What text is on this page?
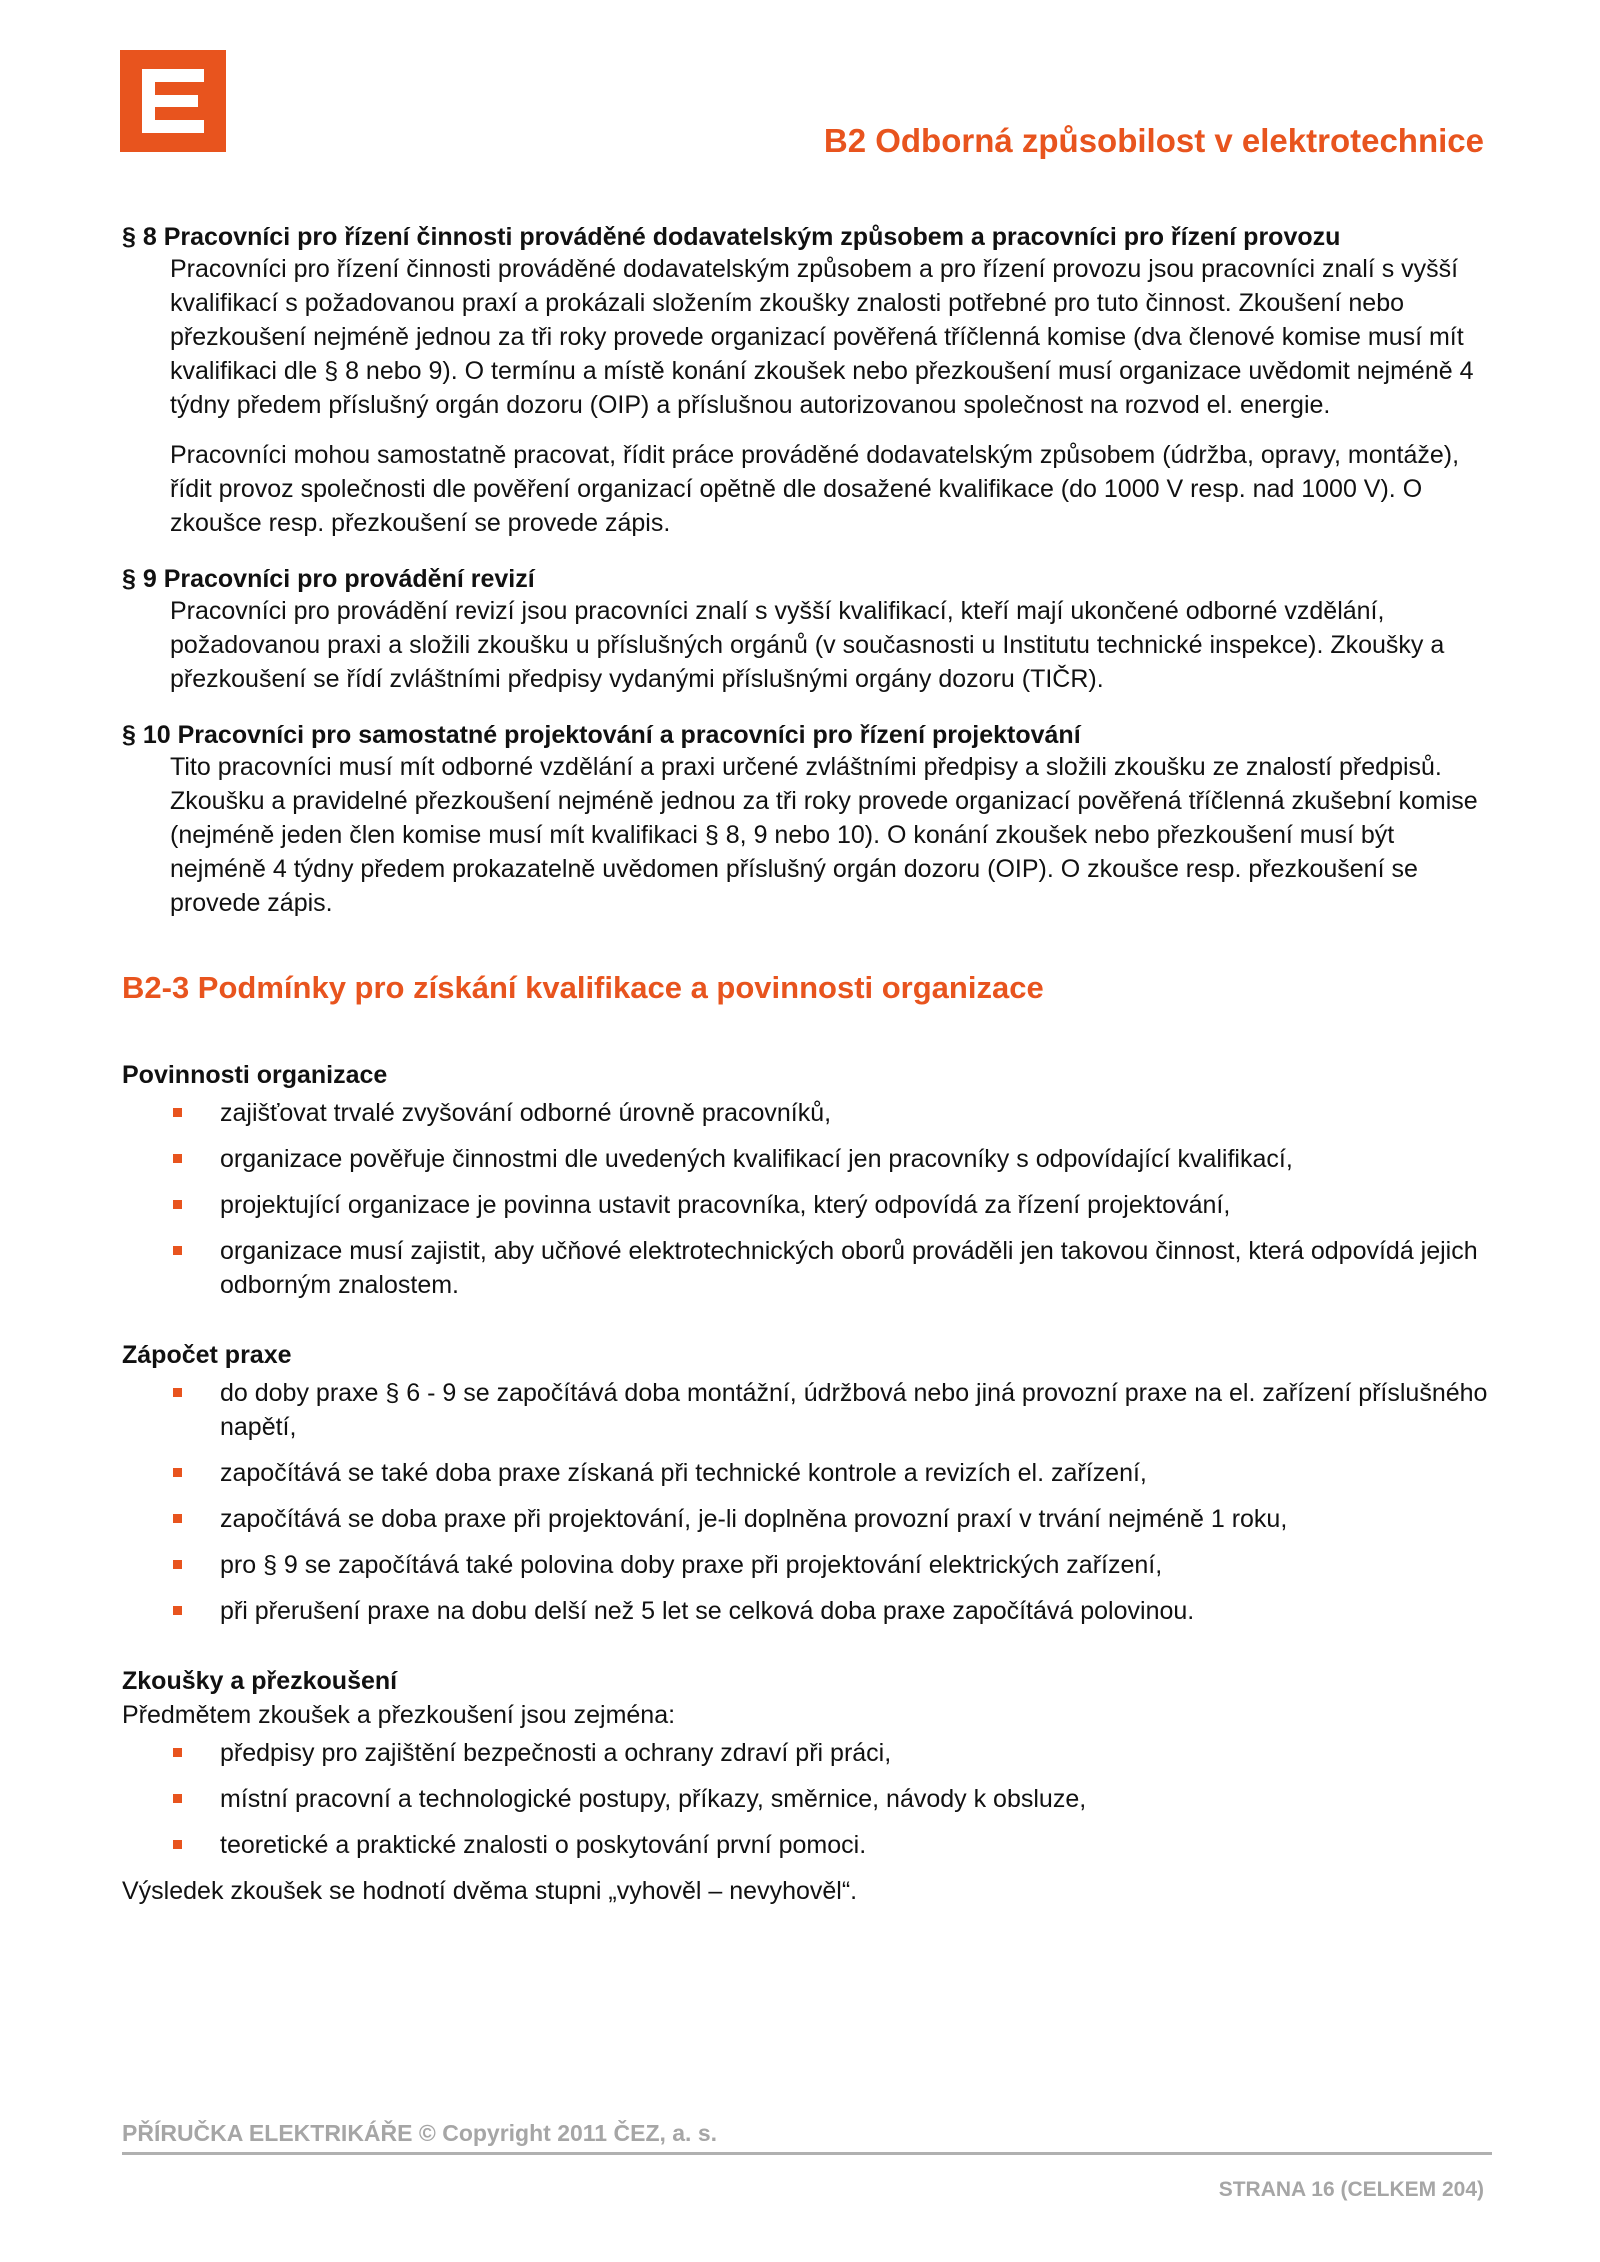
B2 Odborná způsobilost v elektrotechnice
§ 8 Pracovníci pro řízení činnosti prováděné dodavatelským způsobem a pracovníci pro řízení provozu
Pracovníci pro řízení činnosti prováděné dodavatelským způsobem a pro řízení provozu jsou pracovníci znalí s vyšší kvalifikací s požadovanou praxí a prokázali složením zkoušky znalosti potřebné pro tuto činnost. Zkoušení nebo přezkoušení nejméně jednou za tři roky provede organizací pověřená tříčlenná komise (dva členové komise musí mít kvalifikaci dle § 8 nebo 9). O termínu a místě konání zkoušek nebo přezkoušení musí organizace uvědomit nejméně 4 týdny předem příslušný orgán dozoru (OIP) a příslušnou autorizovanou společnost na rozvod el. energie.
Pracovníci mohou samostatně pracovat, řídit práce prováděné dodavatelským způsobem (údržba, opravy, montáže), řídit provoz společnosti dle pověření organizací opětně dle dosažené kvalifikace (do 1000 V resp. nad 1000 V). O zkoušce resp. přezkoušení se provede zápis.
§ 9 Pracovníci pro provádění revizí
Pracovníci pro provádění revizí jsou pracovníci znalí s vyšší kvalifikací, kteří mají ukončené odborné vzdělání, požadovanou praxi a složili zkoušku u příslušných orgánů (v současnosti u Institutu technické inspekce). Zkoušky a přezkoušení se řídí zvláštními předpisy vydanými příslušnými orgány dozoru (TIČR).
§ 10 Pracovníci pro samostatné projektování a pracovníci pro řízení projektování
Tito pracovníci musí mít odborné vzdělání a praxi určené zvláštními předpisy a složili zkoušku ze znalostí předpisů. Zkoušku a pravidelné přezkoušení nejméně jednou za tři roky provede organizací pověřená tříčlenná zkušební komise (nejméně jeden člen komise musí mít kvalifikaci § 8, 9 nebo 10). O konání zkoušek nebo přezkoušení musí být nejméně 4 týdny předem prokazatelně uvědomen příslušný orgán dozoru (OIP). O zkoušce resp. přezkoušení se provede zápis.
B2-3 Podmínky pro získání kvalifikace a povinnosti organizace
Povinnosti organizace
zajišťovat trvalé zvyšování odborné úrovně pracovníků,
organizace pověřuje činnostmi dle uvedených kvalifikací jen pracovníky s odpovídající kvalifikací,
projektující organizace je povinna ustavit pracovníka, který odpovídá za řízení projektování,
organizace musí zajistit, aby učňové elektrotechnických oborů prováděli jen takovou činnost, která odpovídá jejich odborným znalostem.
Zápočet praxe
do doby praxe § 6 - 9 se započítává doba montážní, údržbová nebo jiná provozní praxe na el. zařízení příslušného napětí,
započítává se také doba praxe získaná při technické kontrole a revizích el. zařízení,
započítává se doba praxe při projektování, je-li doplněna provozní praxí v trvání nejméně 1 roku,
pro § 9 se započítává také polovina doby praxe při projektování elektrických zařízení,
při přerušení praxe na dobu delší než 5 let se celková doba praxe započítává polovinou.
Zkoušky a přezkoušení
Předmětem zkoušek a přezkoušení jsou zejména:
předpisy pro zajištění bezpečnosti a ochrany zdraví při práci,
místní pracovní a technologické postupy, příkazy, směrnice, návody k obsluze,
teoretické a praktické znalosti o poskytování první pomoci.
Výsledek zkoušek se hodnotí dvěma stupni „vyhověl – nevyhověl“.
PŘÍRUČKA ELEKTRIKÁŘE © Copyright 2011 ČEZ, a. s.
STRANA 16 (CELKEM 204)
